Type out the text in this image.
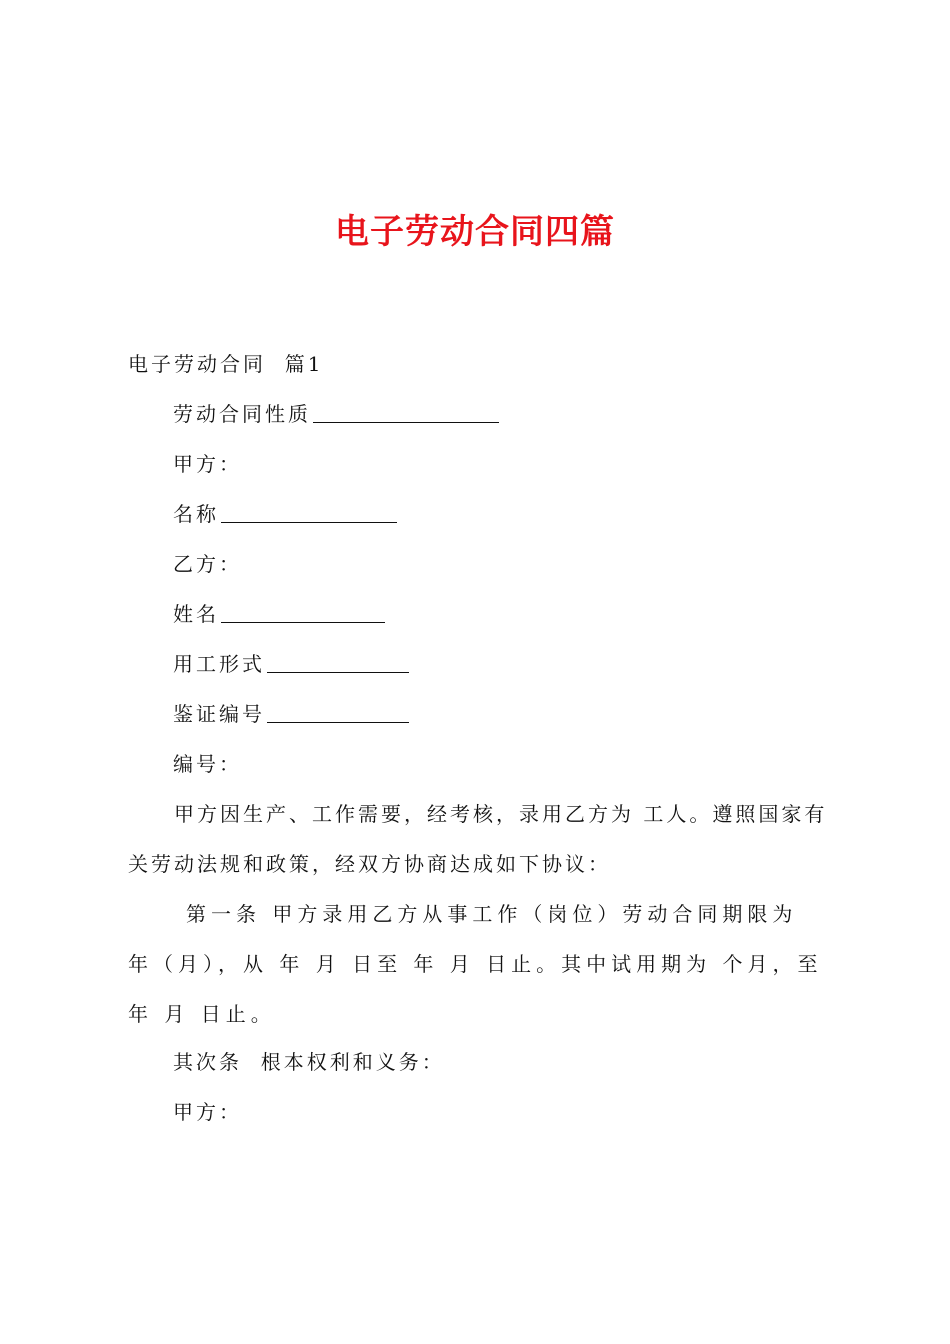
电子劳动合同四篇
电子劳动合同  篇1
劳动合同性质
甲方：
名称
乙方：
姓名
用工形式
鉴证编号
编号：
甲方因生产、工作需要，经考核，录用乙方为 工人。遵照国家有关劳动法规和政策，经双方协商达成如下协议：
第一条 甲方录用乙方从事工作（岗位）劳动合同期限为 年（月），从 年 月 日至 年 月 日止。其中试用期为 个月，至 年 月 日止。
其次条  根本权利和义务：
甲方：
